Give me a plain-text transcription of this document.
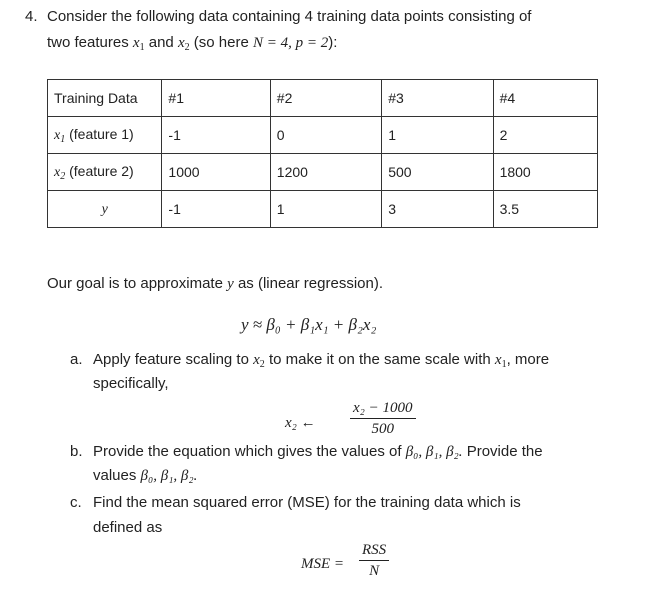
4. Consider the following data containing 4 training data points consisting of
two features $x_1$ and $x_2$ (so here N = 4, p = 2):
Training Data	#1	#2	#3	#4
$x_1$ (feature 1)	-1	0	1	2
$x_2$ (feature 2)	1000	1200	500	1800
y	-1	1	3	3.5
Our goal is to approximate y as (linear regression).
y ≈ β₀ + β₁x₁ + β₂x₂
a. Apply feature scaling to $x_2$ to make it on the same scale with $x_1$, more
specifically,
x₂ ← $\frac{\text{x₂ − 1000}}{500}$
b. Provide the equation which gives the values of β₀, β₁, β₂. Provide the
values β₀, β₁, β₂.
c. Find the mean squared error (MSE) for the training data which is
defined as
MSE =
RSS
N
